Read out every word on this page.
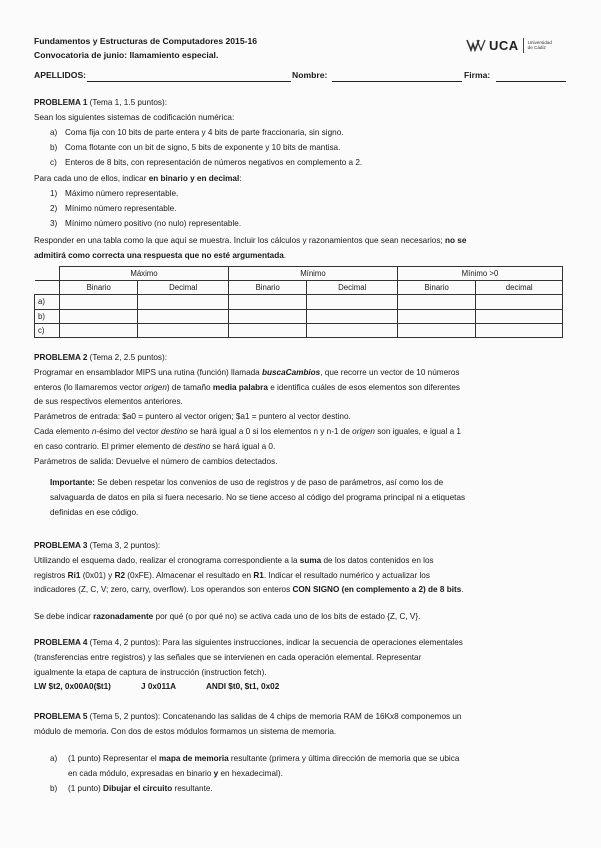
Fundamentos y Estructuras de Computadores 2015-16
Convocatoria de junio: llamamiento especial.
UCA Universidad
de Cádiz
APELLIDOS:	Nombre:	Firma:

PROBLEMA 1 (Tema 1, 1.5 puntos):

Sean los siguientes sistemas de codificación numérica:

a) Coma fija con 10 bits de parte entera y 4 bits de parte fraccionaria, sin signo.
b) Coma flotante con un bit de signo, 5 bits de exponente y 10 bits de mantisa.
c) Enteros de 8 bits, con representación de números negativos en complemento a 2.

Para cada uno de ellos, indicar en binario y en decimal:

1) Máximo número representable.
2) Mínimo número representable.
3) Mínimo número positivo (no nulo) representable.

Responder en una tabla como la que aquí se muestra. Incluir los cálculos y razonamientos que sean necesarios; no se

admitirá como correcta una respuesta que no esté argumentada.

	Máximo		Mínimo		Mínimo >0	
	Binario	Decimal	Binario	Decimal	Binario	decimal
a)						
b)						
c)						

PROBLEMA 2 (Tema 2, 2.5 puntos):

Programar en ensamblador MIPS una rutina (función) llamada buscaCambios, que recorre un vector de 10 números

enteros (lo llamaremos vector origen) de tamaño media palabra e identifica cuáles de esos elementos son diferentes

de sus respectivos elementos anteriores.

Parámetros de entrada: $a0 = puntero al vector origen; $a1 = puntero al vector destino.

Cada elemento n-ésimo del vector destino se hará igual a 0 si los elementos n y n-1 de origen son iguales, e igual a 1

en caso contrario. El primer elemento de destino se hará igual a 0.

Parámetros de salida: Devuelve el número de cambios detectados.

Importante: Se deben respetar los convenios de uso de registros y de paso de parámetros, así como los de

salvaguarda de datos en pila si fuera necesario. No se tiene acceso al código del programa principal ni a etiquetas

definidas en ese código.

PROBLEMA 3 (Tema 3, 2 puntos):

Utilizando el esquema dado, realizar el cronograma correspondiente a la suma de los datos contenidos en los

registros Ri1 (0x01) y R2 (0xFE). Almacenar el resultado en R1. Indicar el resultado numérico y actualizar los

indicadores (Z, C, V; zero, carry, overflow). Los operandos son enteros CON SIGNO (en complemento a 2) de 8 bits.

Se debe indicar razonadamente por qué (o por qué no) se activa cada uno de los bits de estado {Z, C, V}.

PROBLEMA 4 (Tema 4, 2 puntos): Para las siguientes instrucciones, indicar la secuencia de operaciones elementales

(transferencias entre registros) y las señales que se intervienen en cada operación elemental. Representar

igualmente la etapa de captura de instrucción (instruction fetch).

LW $t2, 0x00A0($t1)	J 0x011A	ANDI $t0, $t1, 0x02

PROBLEMA 5 (Tema 5, 2 puntos): Concatenando las salidas de 4 chips de memoria RAM de 16Kx8 componemos un

módulo de memoria. Con dos de estos módulos formamos un sistema de memoria.

a) (1 punto) Representar el mapa de memoria resultante (primera y última dirección de memoria que se ubica
en cada módulo, expresadas en binario y en hexadecimal).
b) (1 punto) Dibujar el circuito resultante.
